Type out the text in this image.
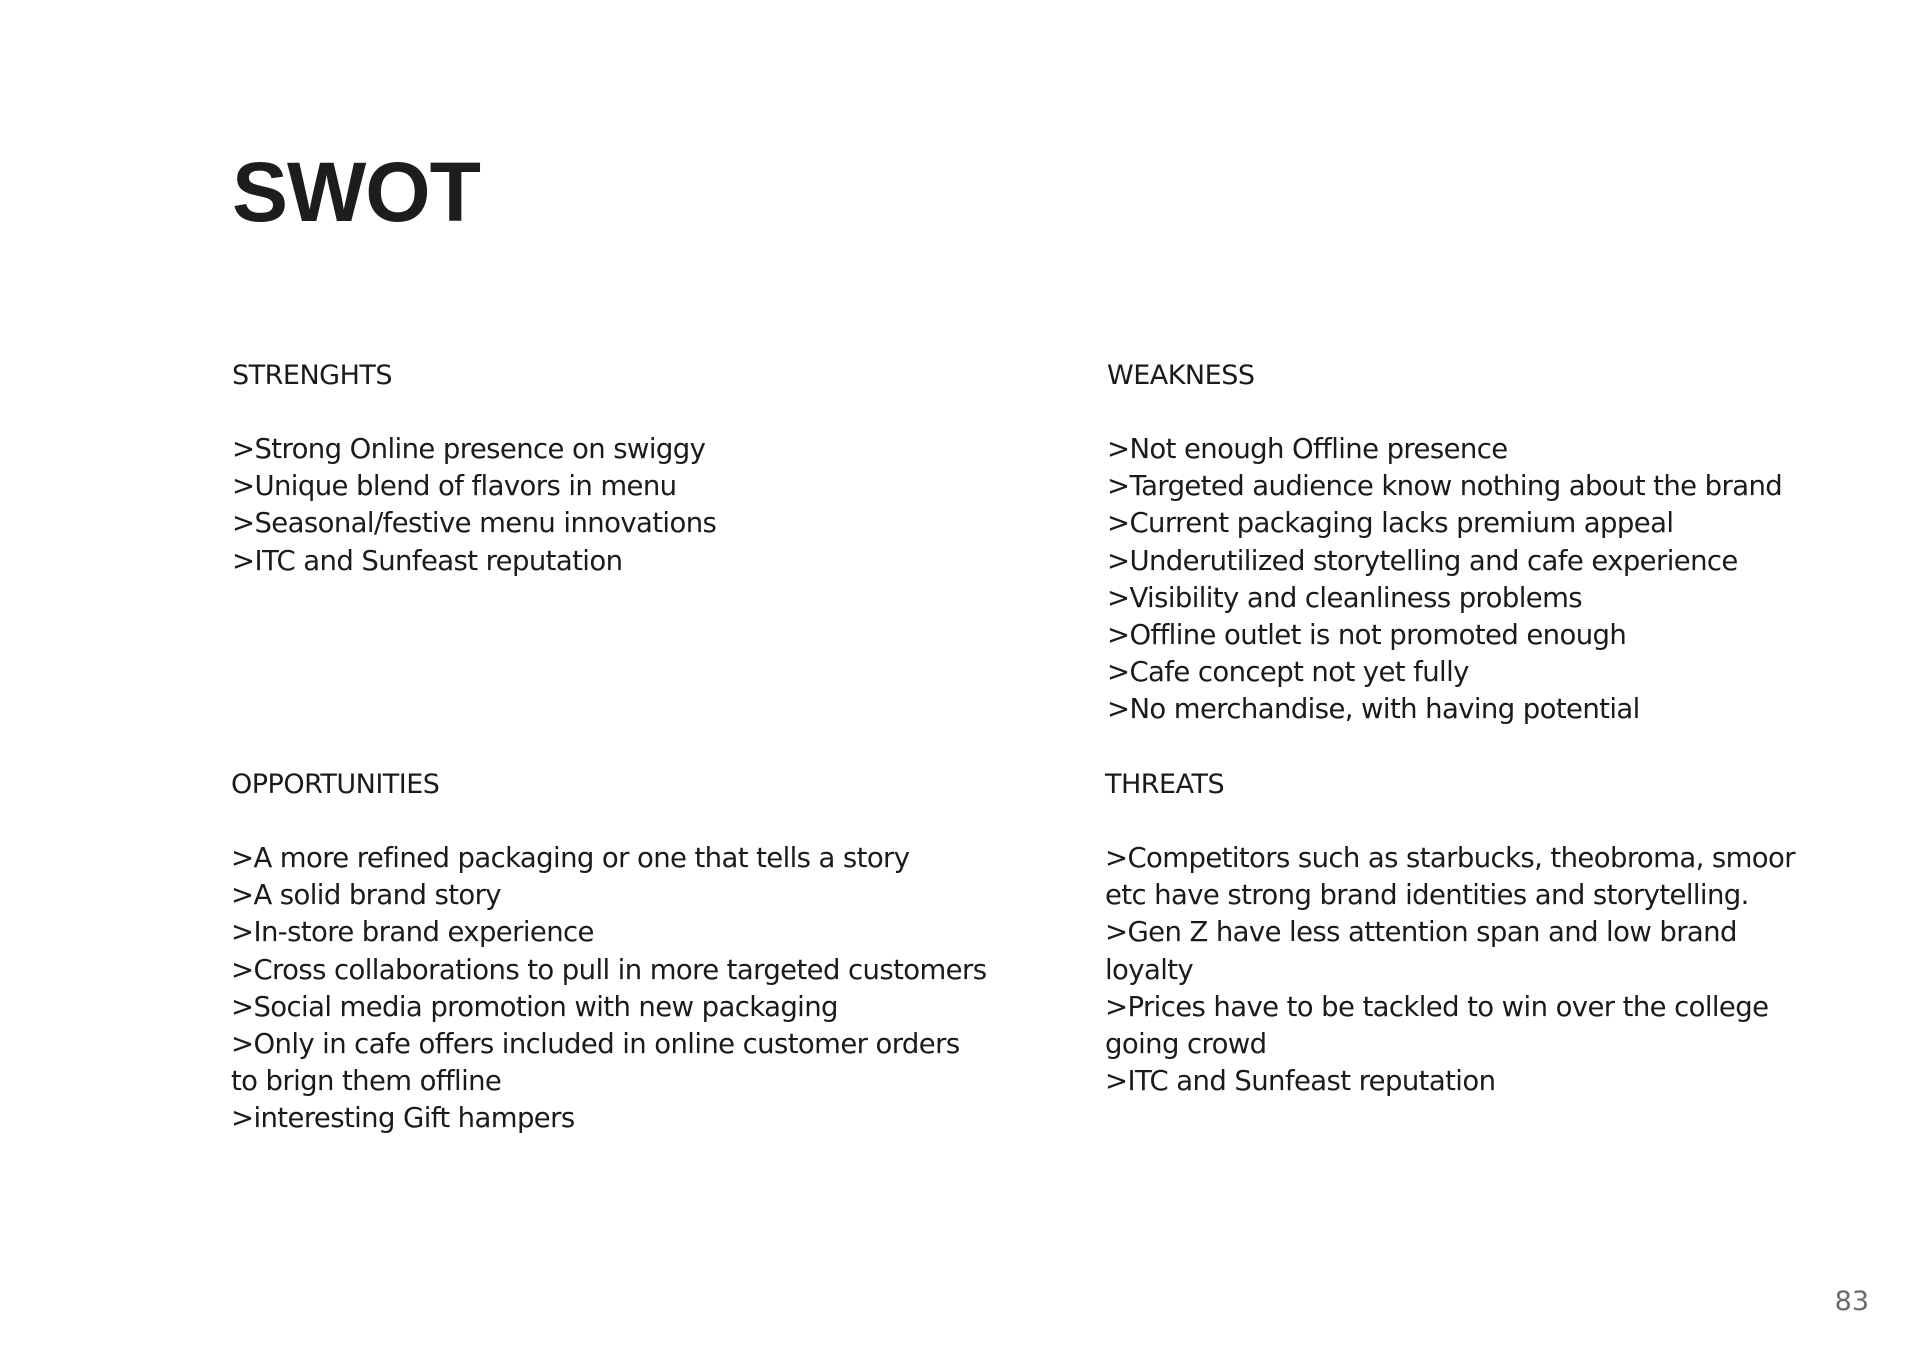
SWOT
STRENGHTS
>Strong Online presence on swiggy
>Unique blend of flavors in menu
>Seasonal/festive menu innovations
>ITC and Sunfeast reputation
WEAKNESS
>Not enough Offline presence
>Targeted audience know nothing about the brand
>Current packaging lacks premium appeal
>Underutilized storytelling and cafe experience
>Visibility and cleanliness problems
>Offline outlet is not promoted enough
>Cafe concept not yet fully
>No merchandise, with having potential
OPPORTUNITIES
>A more refined packaging or one that tells a story
>A solid brand story
>In-store brand experience
>Cross collaborations to pull in more targeted customers
>Social media promotion with new packaging
>Only in cafe offers included in online customer orders
to brign them offline
>interesting Gift hampers
THREATS
>Competitors such as starbucks, theobroma, smoor
etc have strong brand identities and storytelling.
>Gen Z have less attention span and low brand
loyalty
>Prices have to be tackled to win over the college
going crowd
>ITC and Sunfeast reputation
83
